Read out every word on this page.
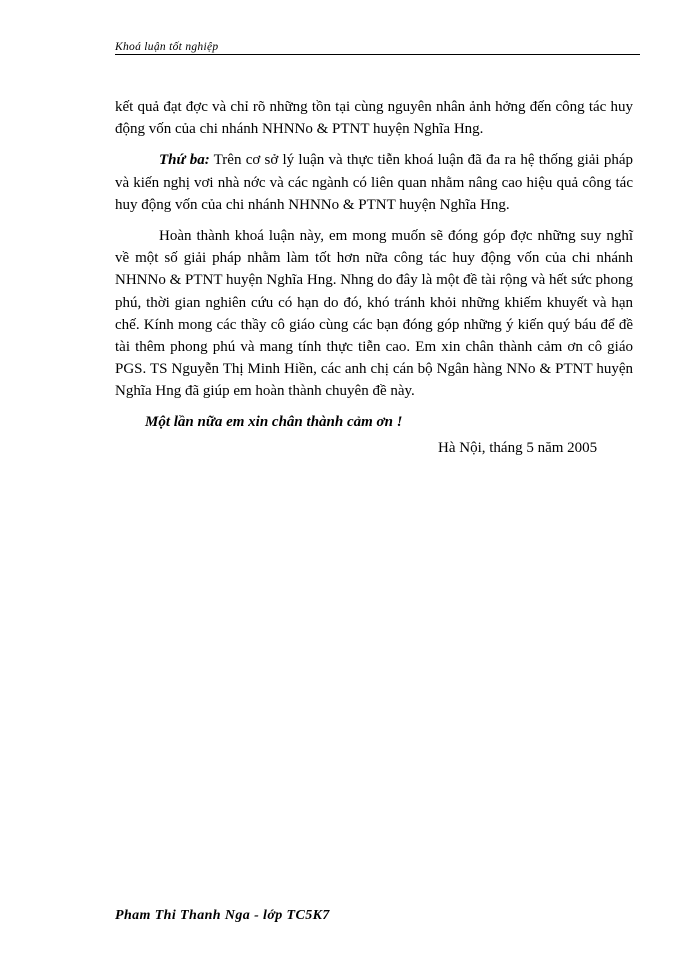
Khoá luận tốt nghiệp

kết quả đạt đợc và chỉ rõ những tồn tại cùng nguyên nhân ảnh hởng đến công tác huy động vốn của chi nhánh NHNNo & PTNT huyện Nghĩa Hng.

Thứ ba: Trên cơ sở lý luận và thực tiễn khoá luận đã đa ra hệ thống giải pháp và kiến nghị vơi nhà nớc và các ngành có liên quan nhằm nâng cao hiệu quả công tác huy động vốn của chi nhánh NHNNo & PTNT huyện Nghĩa Hng.

Hoàn thành khoá luận này, em mong muốn sẽ đóng góp đợc những suy nghĩ về một số giải pháp nhằm làm tốt hơn nữa công tác huy động vốn của chi nhánh NHNNo & PTNT huyện Nghĩa Hng. Nhng do đây là một đề tài rộng và hết sức phong phú, thời gian nghiên cứu có hạn do đó, khó tránh khỏi những khiếm khuyết và hạn chế. Kính mong các thầy cô giáo cùng các bạn đóng góp những ý kiến quý báu để đề tài thêm phong phú và mang tính thực tiễn cao. Em xin chân thành cảm ơn cô giáo PGS. TS Nguyễn Thị Minh Hiền, các anh chị cán bộ Ngân hàng NNo & PTNT huyện Nghĩa Hng đã giúp em hoàn thành chuyên đề này.

Một lần nữa em xin chân thành cảm ơn !

Hà Nội, tháng 5 năm 2005

Pham Thi Thanh Nga - lớp TC5K7
